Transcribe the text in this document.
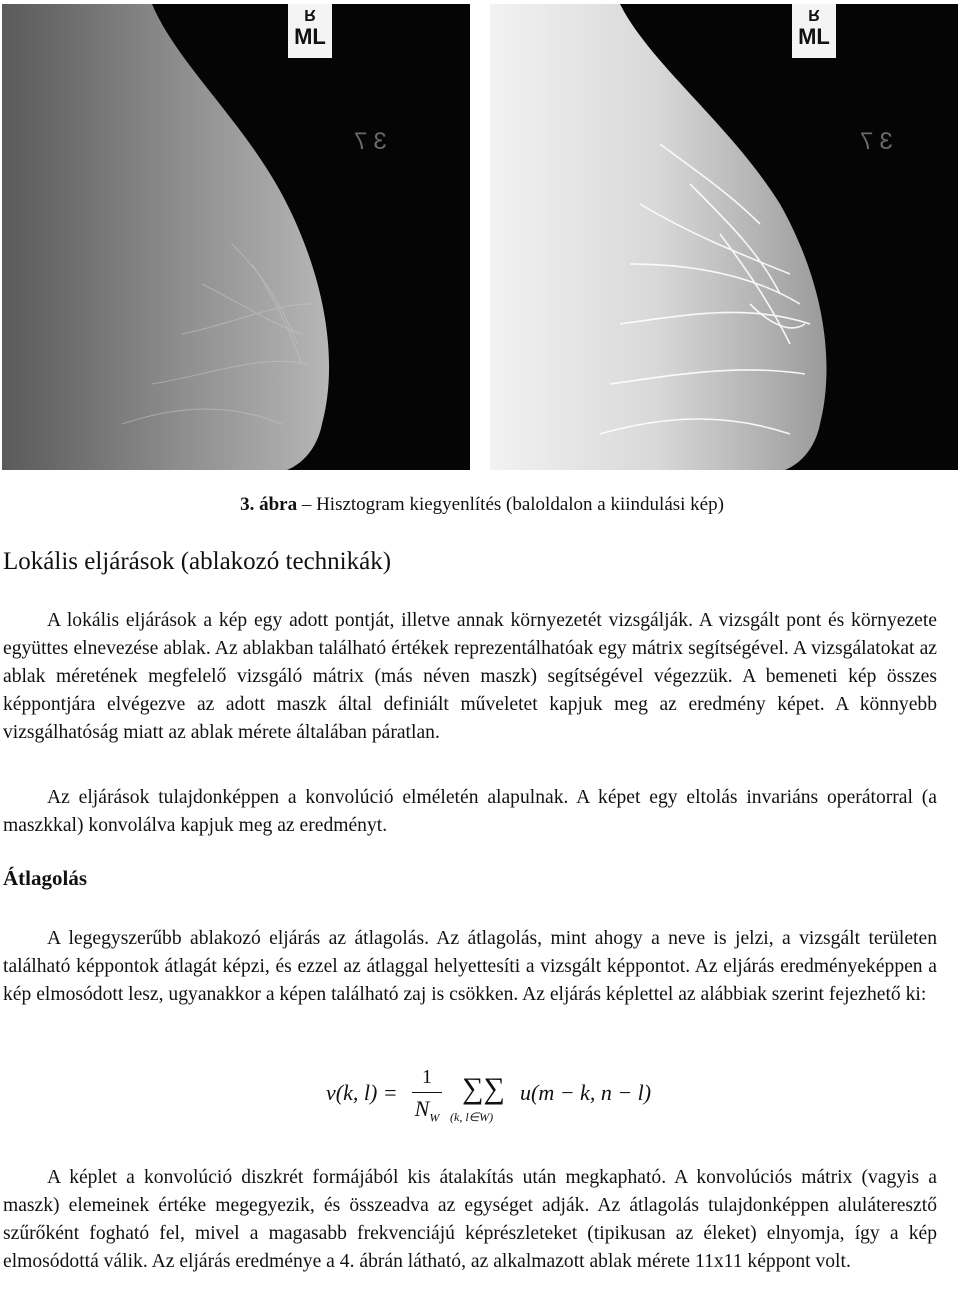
R
ML
37
R
ML
37
3. ábra – Hisztogram kiegyenlítés (baloldalon a kiindulási kép)
Lokális eljárások (ablakozó technikák)

A lokális eljárások a kép egy adott pontját, illetve annak környezetét vizsgálják. A vizsgált pont és környezete együttes elnevezése ablak. Az ablakban található értékek reprezentálhatóak egy mátrix segítségével. A vizsgálatokat az ablak méretének megfelelő vizsgáló mátrix (más néven maszk) segítségével végezzük. A bemeneti kép összes képpontjára elvégezve az adott maszk által definiált műveletet kapjuk meg az eredmény képet. A könnyebb vizsgálhatóság miatt az ablak mérete általában páratlan.

Az eljárások tulajdonképpen a konvolúció elméletén alapulnak. A képet egy eltolás invariáns operátorral (a maszkkal) konvolálva kapjuk meg az eredményt.

Átlagolás

A legegyszerűbb ablakozó eljárás az átlagolás. Az átlagolás, mint ahogy a neve is jelzi, a vizsgált területen található képpontok átlagát képzi, és ezzel az átlaggal helyettesíti a vizsgált képpontot. Az eljárás eredményeképpen a kép elmosódott lesz, ugyanakkor a képen található zaj is csökken. Az eljárás képlettel az alábbiak szerint fejezhető ki:

v(k, l) =
1
$N_W$
∑∑
(k, l∈W)
u(m − k, n − l)

A képlet a konvolúció diszkrét formájából kis átalakítás után megkapható. A konvolúciós mátrix (vagyis a maszk) elemeinek értéke megegyezik, és összeadva az egységet adják. Az átlagolás tulajdonképpen aluláteresztő szűrőként fogható fel, mivel a magasabb frekvenciájú képrészleteket (tipikusan az éleket) elnyomja, így a kép elmosódottá válik. Az eljárás eredménye a 4. ábrán látható, az alkalmazott ablak mérete 11x11 képpont volt.
